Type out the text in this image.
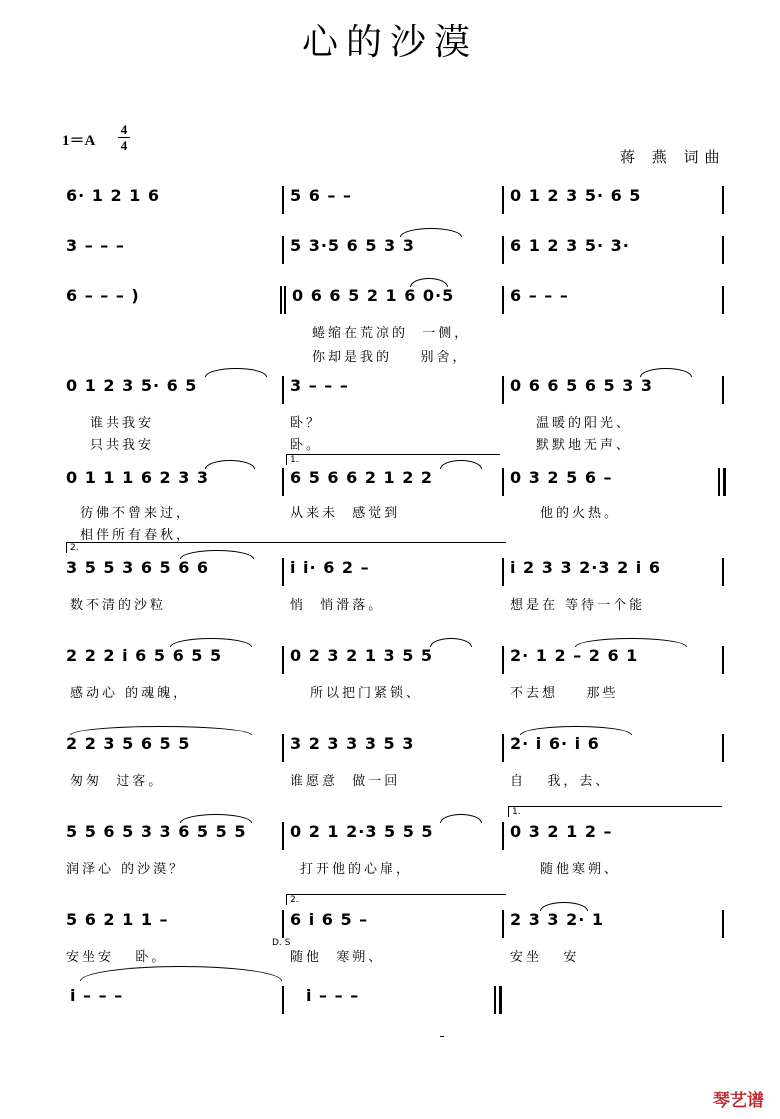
心的沙漠
1＝A
4
4
蒋 燕 词曲
6· 1 2 1 6	5 6 – –	0 1 2 3 5· 6 5
3 – – –	5 3·5 6 5 3 3	6 1 2 3 5· 3·
6 – – – )	0 6 6 5 2 1 6 0·5	6 – – –
蜷缩在荒凉的  一侧，
你却是我的    别舍，
0 1 2 3 5· 6 5	3 – – –	0 6 6 5 6 5 3 3
谁共我安	卧？	温暖的阳光、
只共我安	卧。	默默地无声、
0 1 1 1 6 2 3 3
1.
6 5 6 6 2 1 2 2	0 3 2 5 6 –
彷佛不曾来过，	从来未  感觉到	他的火热。
相伴所有春秋，
2.
3 5 5 3 6 5 6 6	i i· 6 2 –	i 2 3 3 2·3 2 i 6
数不清的沙粒	悄  悄滑落。	想是在 等待一个能
2 2 2 i 6 5 6 5 5	0 2 3 2 1 3 5 5	2· 1 2 – 2 6 1
感动心 的魂魄，	所以把门紧锁、	不去想    那些
2 2 3 5 6 5 5	3 2 3 3 3 5 3	2· i 6· i 6
匆匆  过客。	谁愿意  做一回	自   我，去、
5 5 6 5 3 3 6 5 5 5
1.
0 2 1 2·3 5 5 5	0 3 2 1 2 –
润泽心 的沙漠？	打开他的心扉，	随他寒朔、
5 6 2 1 1 –
2.
6 i 6 5 –	2 3 3 2· 1
安坐安   卧。	随他  寒朔、	安坐   安
D. S
i – – –	i – – –
琴艺谱
